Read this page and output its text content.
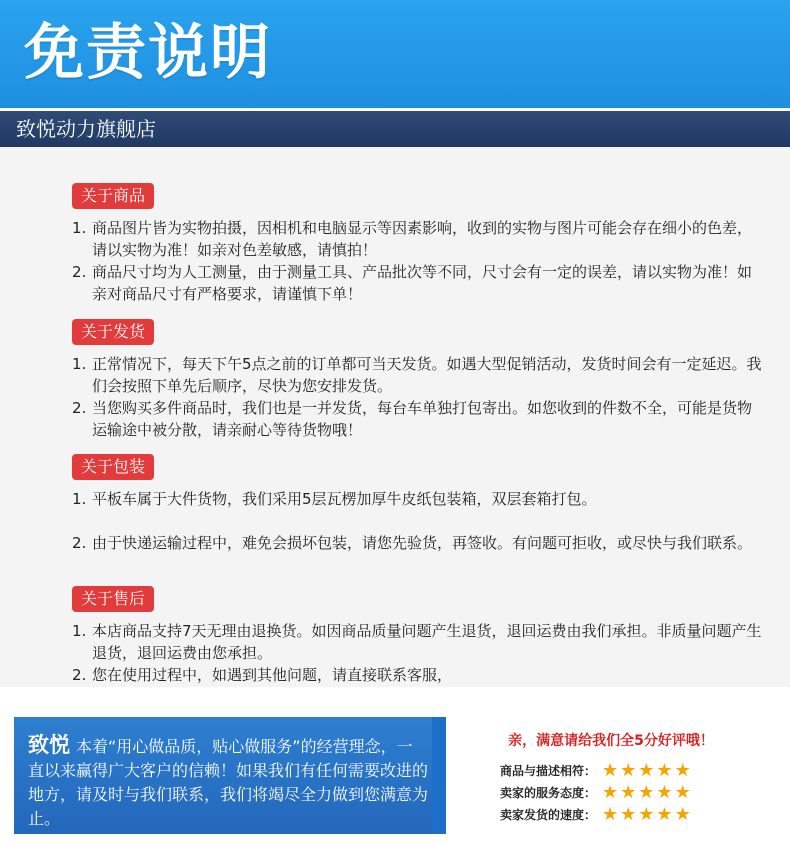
免责说明
致悦动力旗舰店
关于商品
1. 商品图片皆为实物拍摄，因相机和电脑显示等因素影响，收到的实物与图片可能会存在细小的色差，请以实物为准！如亲对色差敏感，请慎拍！
2. 商品尺寸均为人工测量，由于测量工具、产品批次等不同，尺寸会有一定的误差，请以实物为准！如亲对商品尺寸有严格要求，请谨慎下单！
关于发货
1. 正常情况下，每天下午5点之前的订单都可当天发货。如遇大型促销活动，发货时间会有一定延迟。我们会按照下单先后顺序，尽快为您安排发货。
2. 当您购买多件商品时，我们也是一并发货，每台车单独打包寄出。如您收到的件数不全，可能是货物运输途中被分散，请亲耐心等待货物哦！
关于包装
1. 平板车属于大件货物，我们采用5层瓦楞加厚牛皮纸包装箱，双层套箱打包。
2. 由于快递运输过程中，难免会损坏包装，请您先验货，再签收。有问题可拒收，或尽快与我们联系。
关于售后
1. 本店商品支持7天无理由退换货。如因商品质量问题产生退货，退回运费由我们承担。非质量问题产生退货，退回运费由您承担。
2. 您在使用过程中，如遇到其他问题，请直接联系客服，
致悦 本着“用心做品质，贴心做服务”的经营理念，一直以来赢得广大客户的信赖！如果我们有任何需要改进的地方，请及时与我们联系，我们将竭尽全力做到您满意为止。
亲，满意请给我们全5分好评哦！
商品与描述相符： ★★★★★
卖家的服务态度： ★★★★★
卖家发货的速度： ★★★★★
